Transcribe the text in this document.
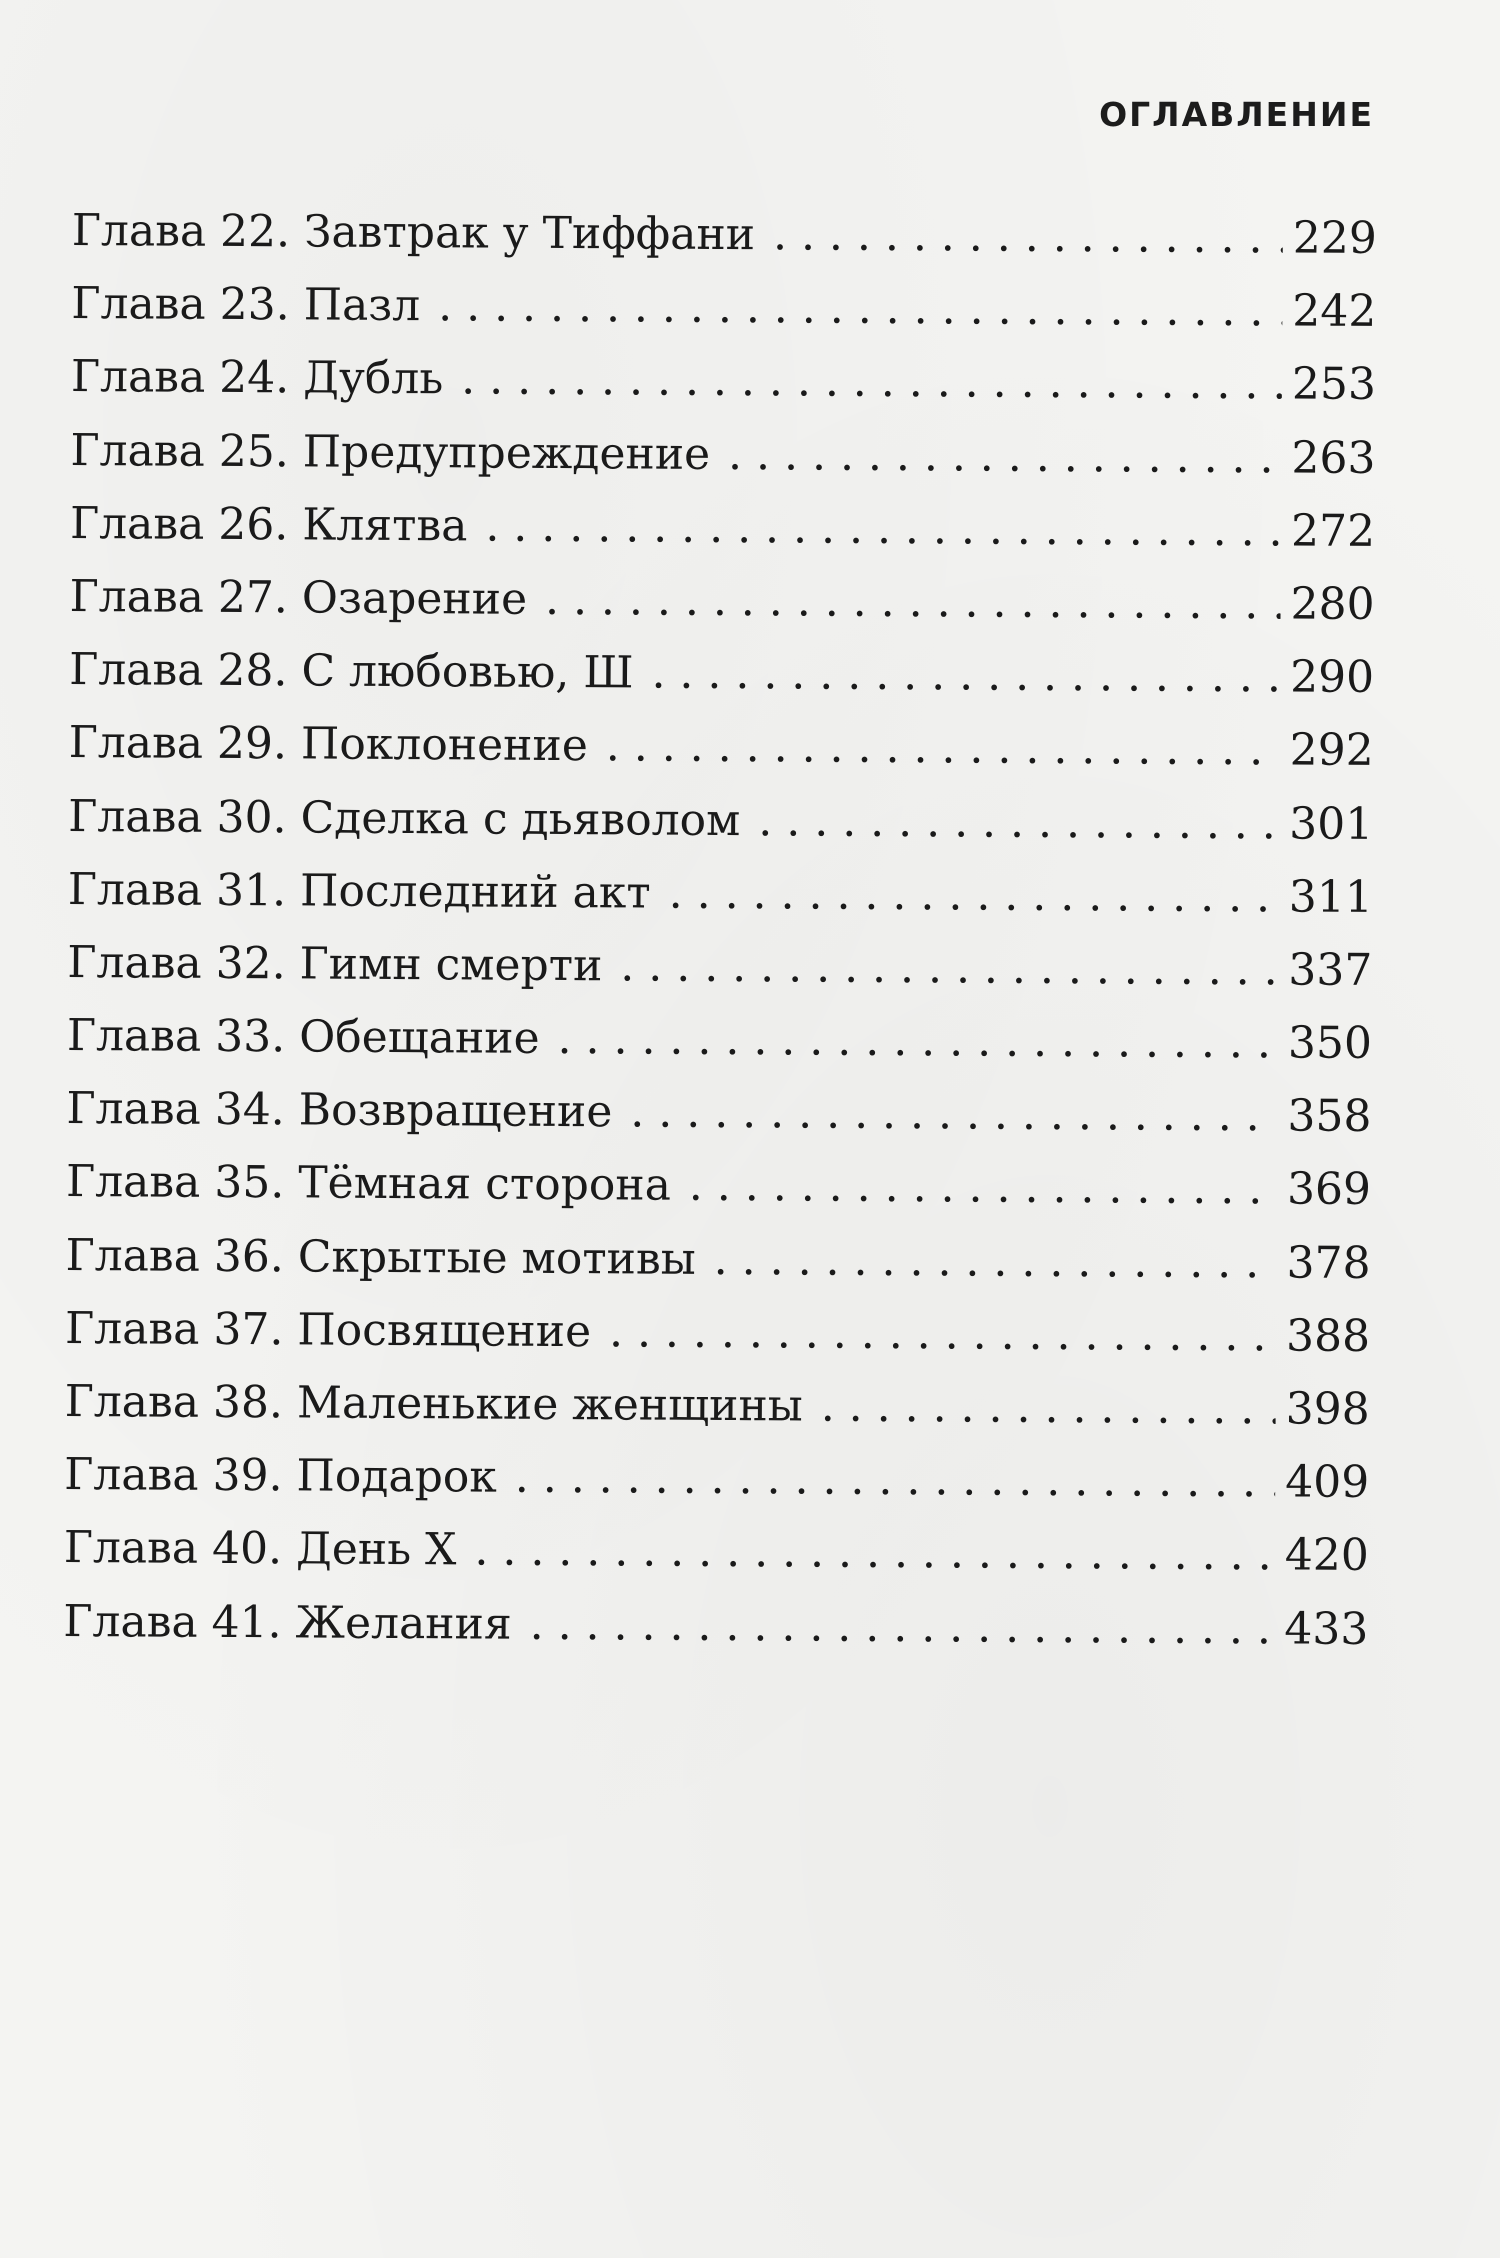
ОГЛАВЛЕНИЕ
Глава 22. Завтрак у Тиффани . . .	229
Глава 23. Пазл . . .	242
Глава 24. Дубль . . .	253
Глава 25. Предупреждение . . .	263
Глава 26. Клятва . . .	272
Глава 27. Озарение . . .	280
Глава 28. С любовью, Ш . . .	290
Глава 29. Поклонение . . .	292
Глава 30. Сделка с дьяволом . . .	301
Глава 31. Последний акт . . .	311
Глава 32. Гимн смерти . . .	337
Глава 33. Обещание . . .	350
Глава 34. Возвращение . . .	358
Глава 35. Тёмная сторона . . .	369
Глава 36. Скрытые мотивы . . .	378
Глава 37. Посвящение . . .	388
Глава 38. Маленькие женщины . . .	398
Глава 39. Подарок . . .	409
Глава 40. День Х . . .	420
Глава 41. Желания . . .	433
